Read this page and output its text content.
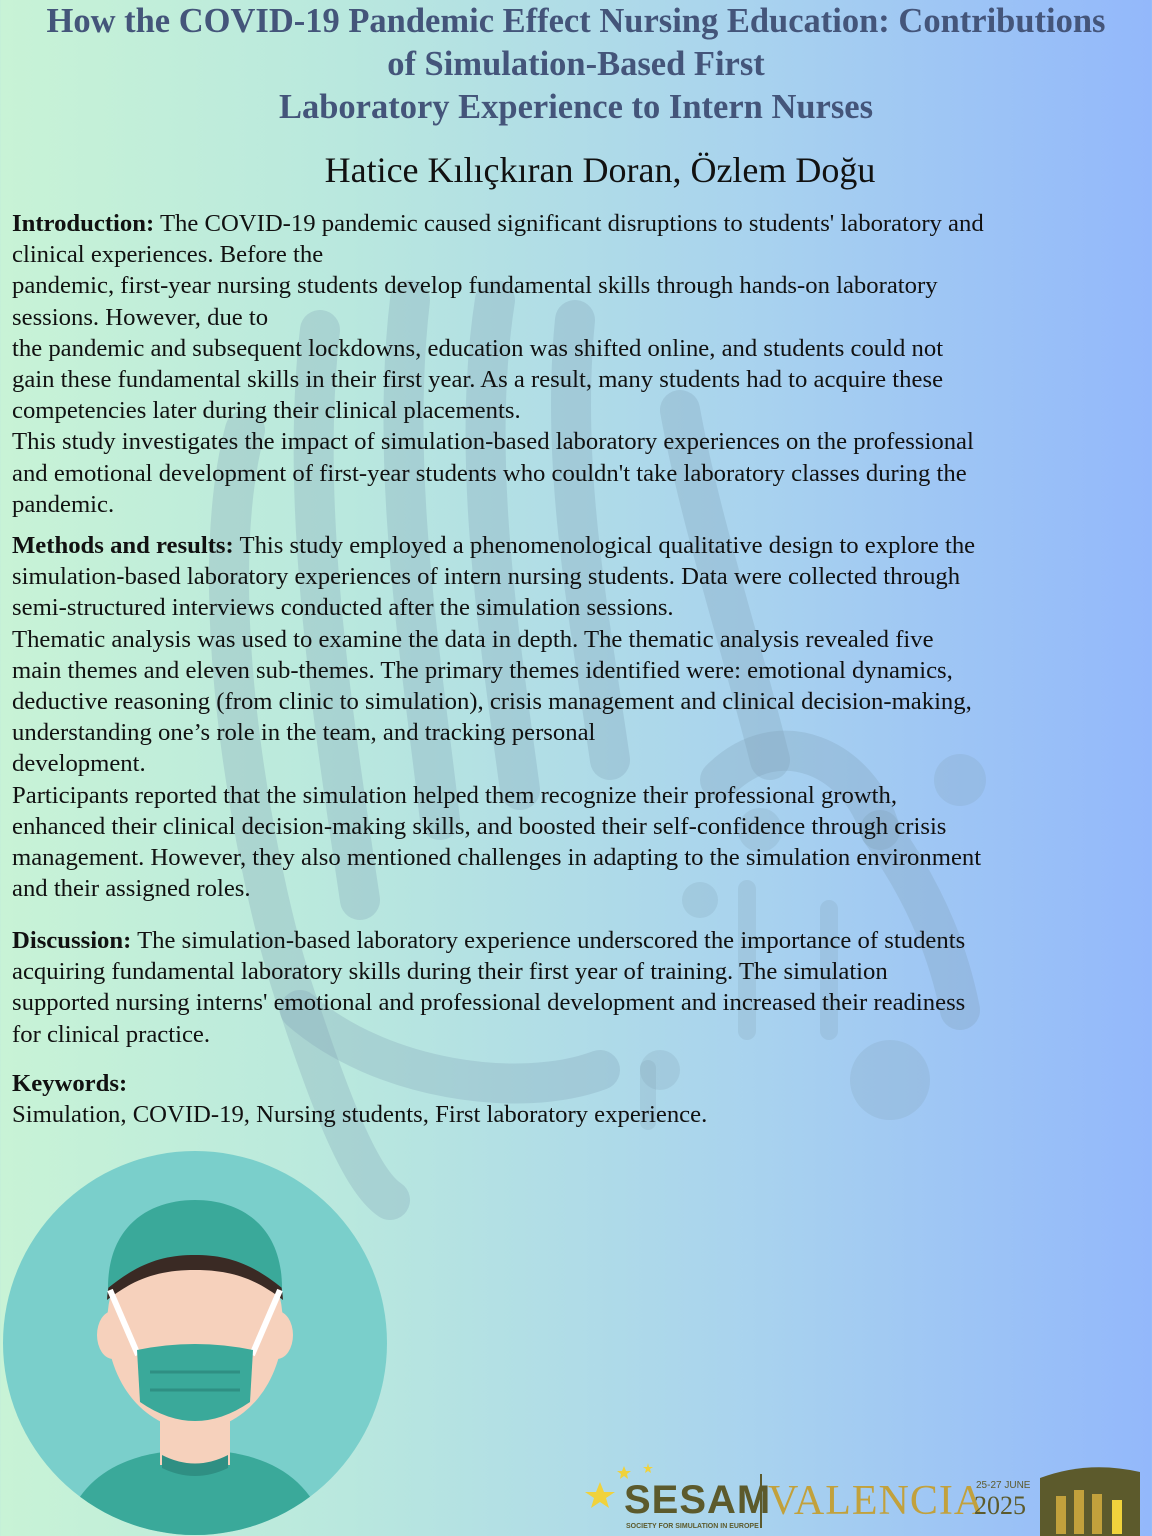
How the COVID-19 Pandemic Effect Nursing Education: Contributions
of Simulation-Based First
Laboratory Experience to Intern Nurses
Hatice Kılıçkıran Doran, Özlem Doğu
Introduction: The COVID-19 pandemic caused significant disruptions to students' laboratory and
clinical experiences. Before the
pandemic, first-year nursing students develop fundamental skills through hands-on laboratory
sessions. However, due to
the pandemic and subsequent lockdowns, education was shifted online, and students could not
gain these fundamental skills in their first year. As a result, many students had to acquire these
competencies later during their clinical placements.
This study investigates the impact of simulation-based laboratory experiences on the professional
and emotional development of first-year students who couldn't take laboratory classes during the
pandemic.
Methods and results: This study employed a phenomenological qualitative design to explore the
simulation-based laboratory experiences of intern nursing students. Data were collected through
semi-structured interviews conducted after the simulation sessions.
Thematic analysis was used to examine the data in depth. The thematic analysis revealed five
main themes and eleven sub-themes. The primary themes identified were: emotional dynamics,
deductive reasoning (from clinic to simulation), crisis management and clinical decision-making,
understanding one’s role in the team, and tracking personal
development.
Participants reported that the simulation helped them recognize their professional growth,
enhanced their clinical decision-making skills, and boosted their self-confidence through crisis
management. However, they also mentioned challenges in adapting to the simulation environment
and their assigned roles.
Discussion: The simulation-based laboratory experience underscored the importance of students
acquiring fundamental laboratory skills during their first year of training. The simulation
supported nursing interns' emotional and professional development and increased their readiness
for clinical practice.
Keywords:
Simulation, COVID-19, Nursing students, First laboratory experience.
SESAM
SOCIETY FOR SIMULATION IN EUROPE
VALENCIA
25-27 JUNE
2025
